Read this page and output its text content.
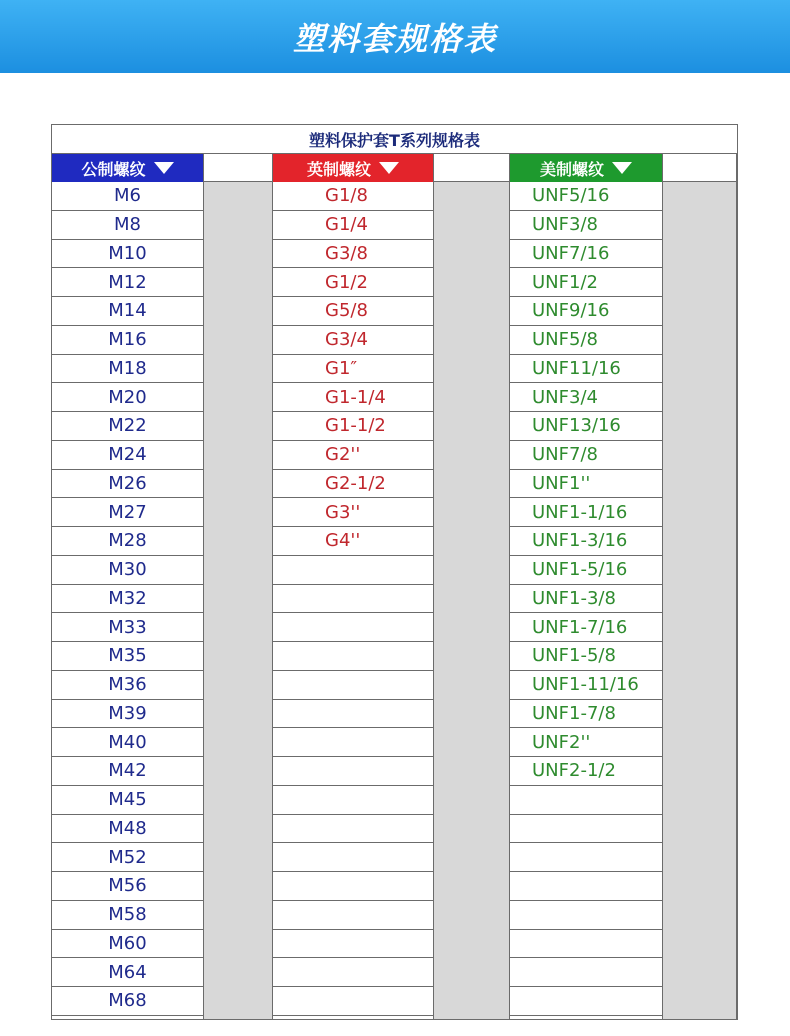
塑料套规格表
塑料保护套T系列规格表
公制螺纹
M6
M8
M10
M12
M14
M16
M18
M20
M22
M24
M26
M27
M28
M30
M32
M33
M35
M36
M39
M40
M42
M45
M48
M52
M56
M58
M60
M64
M68
英制螺纹
G1/8
G1/4
G3/8
G1/2
G5/8
G3/4
G1″
G1-1/4
G1-1/2
G2''
G2-1/2
G3''
G4''
美制螺纹
UNF5/16
UNF3/8
UNF7/16
UNF1/2
UNF9/16
UNF5/8
UNF11/16
UNF3/4
UNF13/16
UNF7/8
UNF1''
UNF1-1/16
UNF1-3/16
UNF1-5/16
UNF1-3/8
UNF1-7/16
UNF1-5/8
UNF1-11/16
UNF1-7/8
UNF2''
UNF2-1/2
